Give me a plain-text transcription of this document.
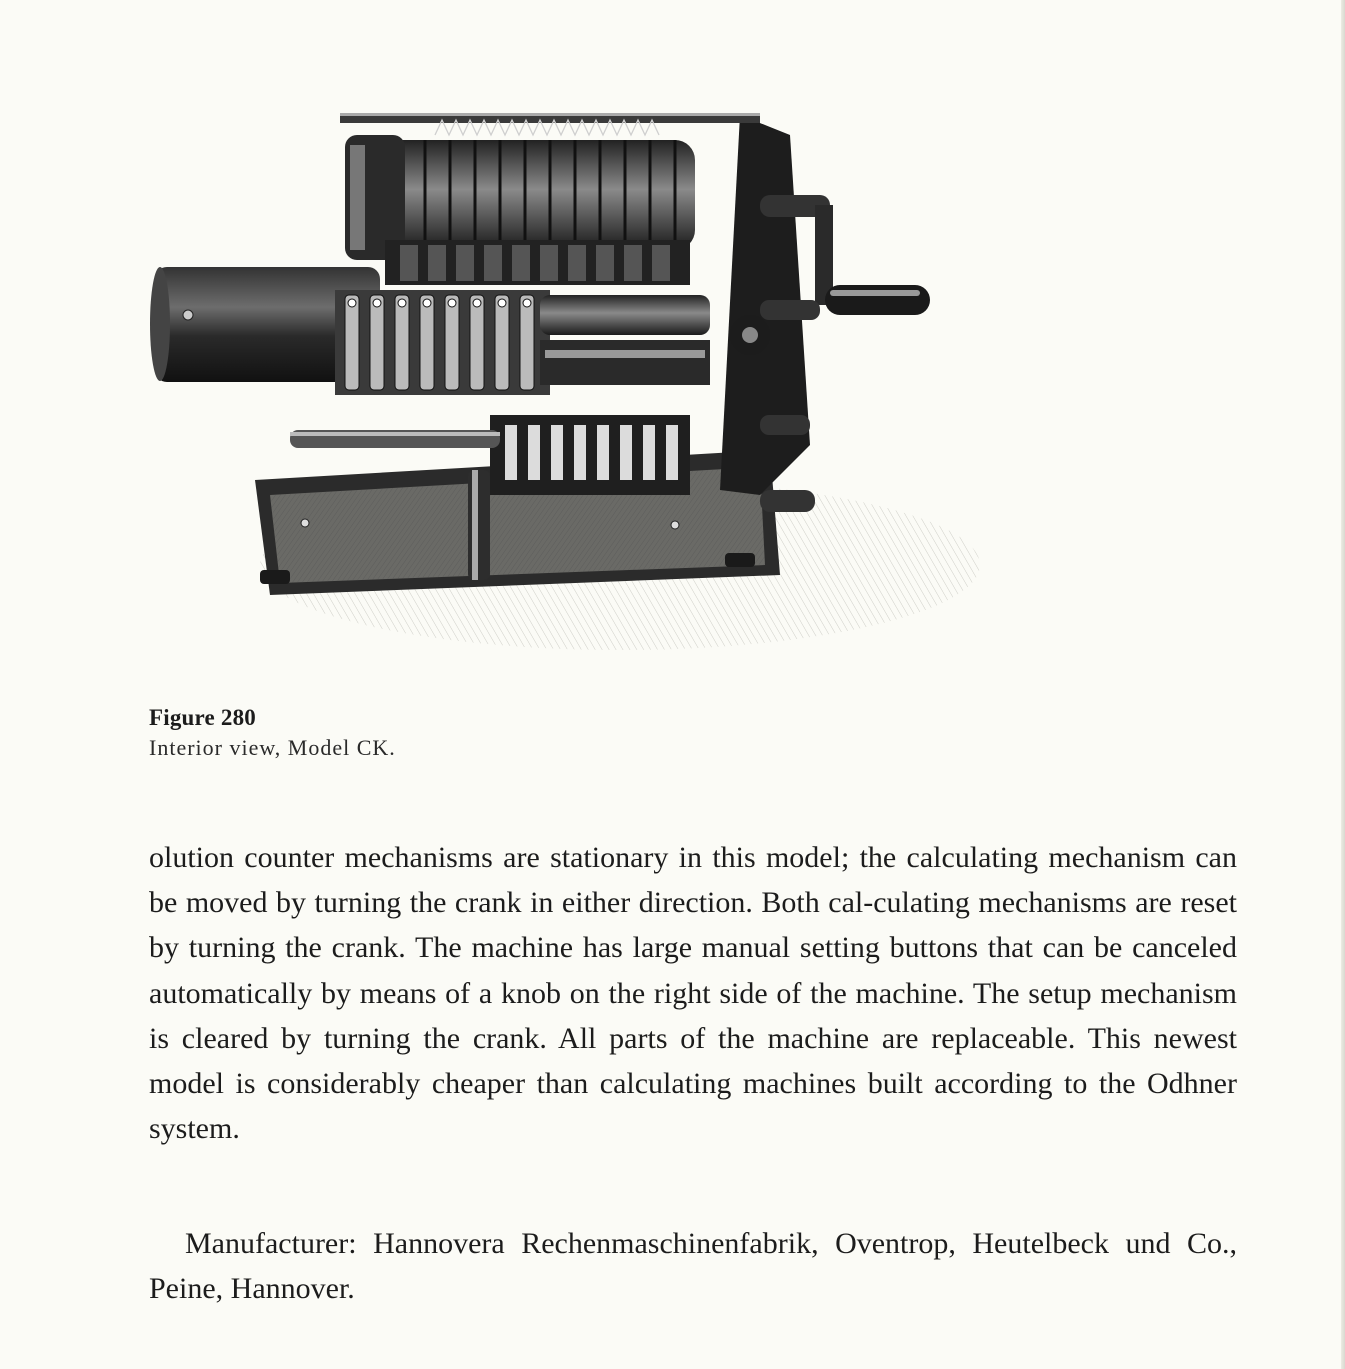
Figure 280
Interior view, Model CK.

olution counter mechanisms are stationary in this model; the calculating mechanism can be moved by turning the crank in either direction. Both cal-culating mechanisms are reset by turning the crank. The machine has large manual setting buttons that can be canceled automatically by means of a knob on the right side of the machine. The setup mechanism is cleared by turning the crank. All parts of the machine are replaceable. This newest model is considerably cheaper than calculating machines built according to the Odhner system.

Manufacturer: Hannovera Rechenmaschinenfabrik, Oventrop, Heutelbeck und Co., Peine, Hannover.
